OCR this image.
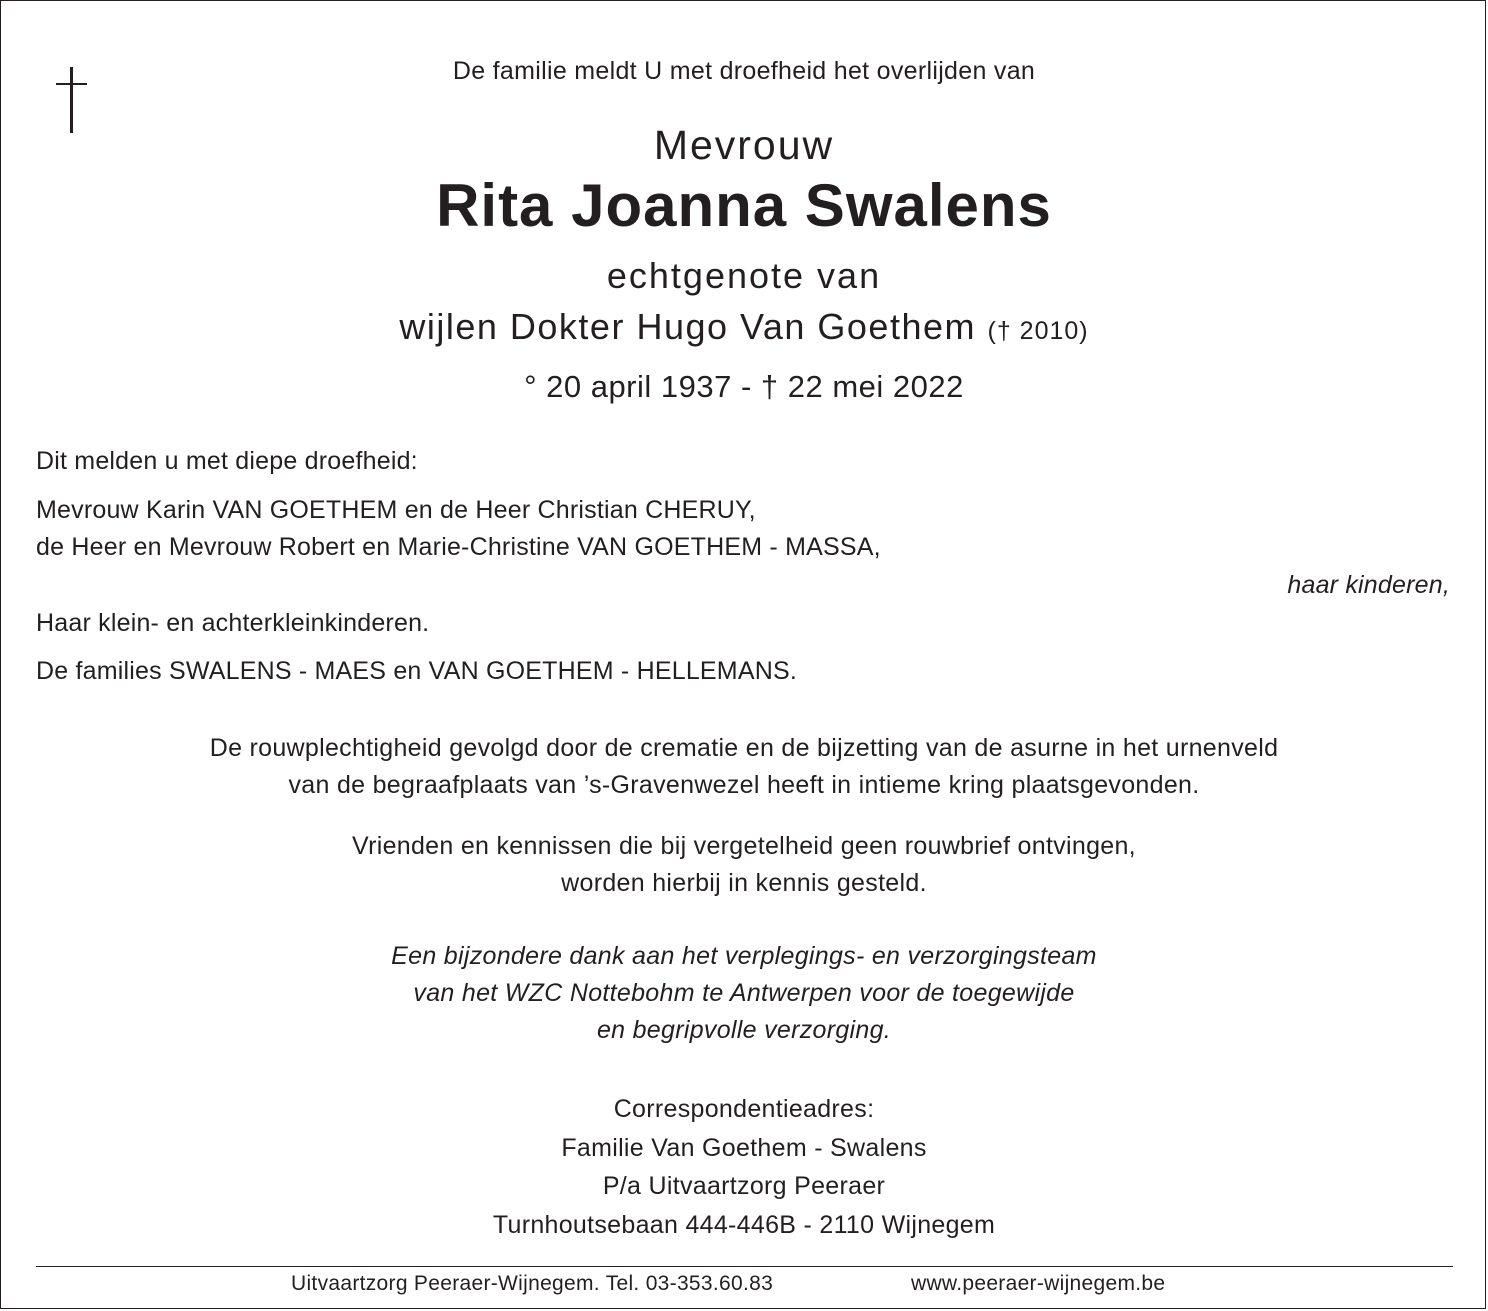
De familie meldt U met droefheid het overlijden van
Mevrouw
Rita Joanna Swalens
echtgenote van
wijlen Dokter Hugo Van Goethem († 2010)
° 20 april 1937 - † 22 mei 2022
Dit melden u met diepe droefheid:
Mevrouw Karin VAN GOETHEM en de Heer Christian CHERUY,
de Heer en Mevrouw Robert en Marie-Christine VAN GOETHEM - MASSA,
haar kinderen,
Haar klein- en achterkleinkinderen.
De families SWALENS - MAES en VAN GOETHEM - HELLEMANS.
De rouwplechtigheid gevolgd door de crematie en de bijzetting van de asurne in het urnenveld
van de begraafplaats van ’s-Gravenwezel heeft in intieme kring plaatsgevonden.
Vrienden en kennissen die bij vergetelheid geen rouwbrief ontvingen,
worden hierbij in kennis gesteld.
Een bijzondere dank aan het verplegings- en verzorgingsteam
van het WZC Nottebohm te Antwerpen voor de toegewijde
en begripvolle verzorging.
Correspondentieadres:
Familie Van Goethem - Swalens
P/a Uitvaartzorg Peeraer
Turnhoutsebaan 444-446B - 2110 Wijnegem
Uitvaartzorg Peeraer-Wijnegem. Tel. 03-353.60.83	www.peeraer-wijnegem.be
